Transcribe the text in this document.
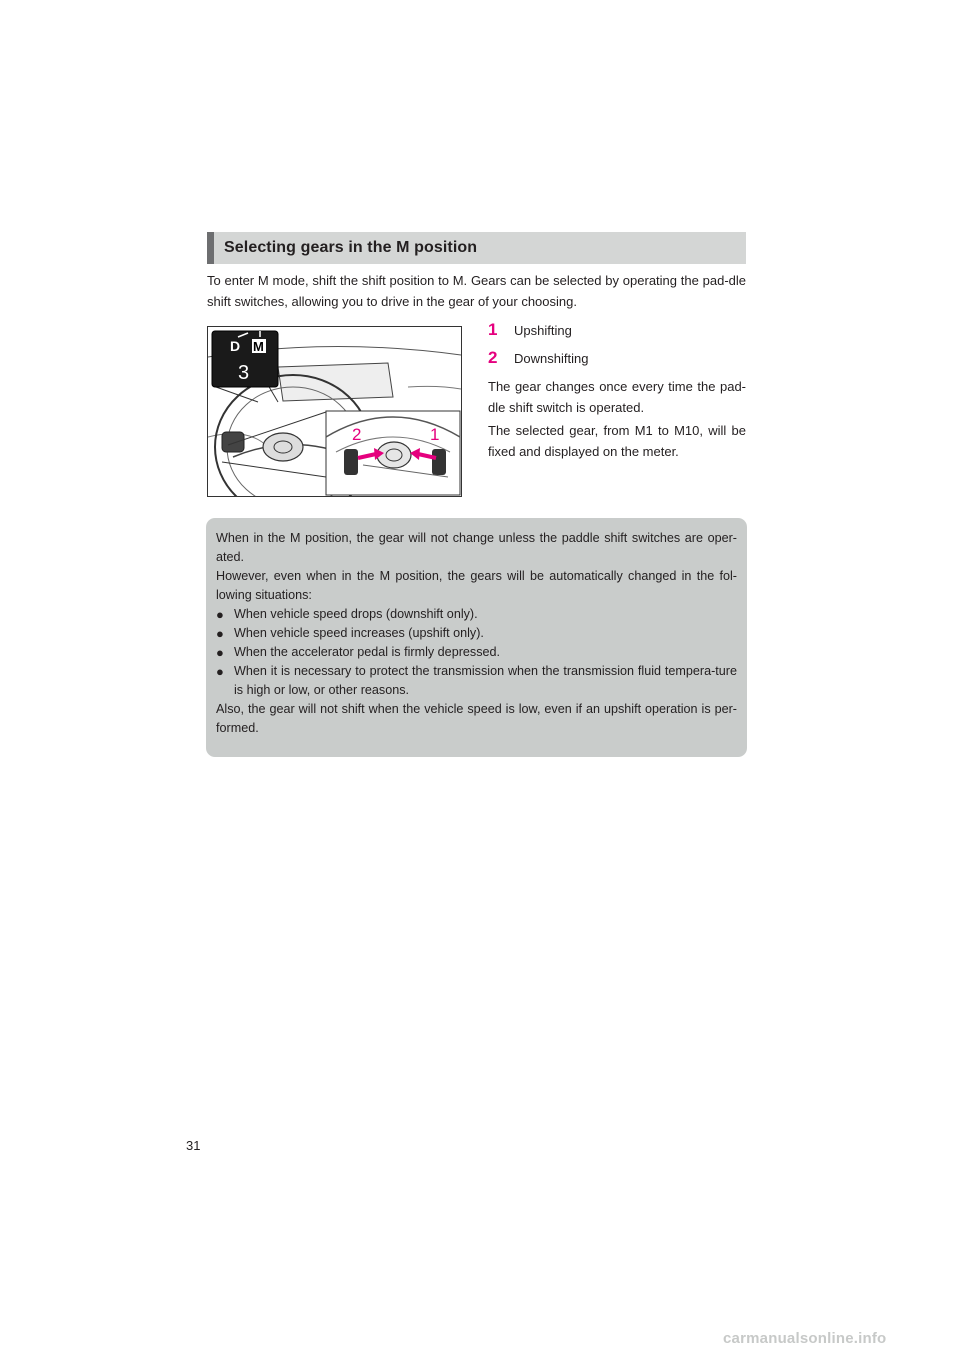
Selecting gears in the M position

To enter M mode, shift the shift position to M. Gears can be selected by operating the pad-dle shift switches, allowing you to drive in the gear of your choosing.

D M
3
2	1
1	Upshifting
2	Downshifting

The gear changes once every time the pad-dle shift switch is operated.

The selected gear, from M1 to M10, will be fixed and displayed on the meter.

When in the M position, the gear will not change unless the paddle shift switches are oper-ated.

However, even when in the M position, the gears will be automatically changed in the fol-lowing situations:

● When vehicle speed drops (downshift only).
● When vehicle speed increases (upshift only).
● When the accelerator pedal is firmly depressed.
● When it is necessary to protect the transmission when the transmission fluid tempera-ture is high or low, or other reasons.

Also, the gear will not shift when the vehicle speed is low, even if an upshift operation is per-formed.

31
carmanualsonline.info
